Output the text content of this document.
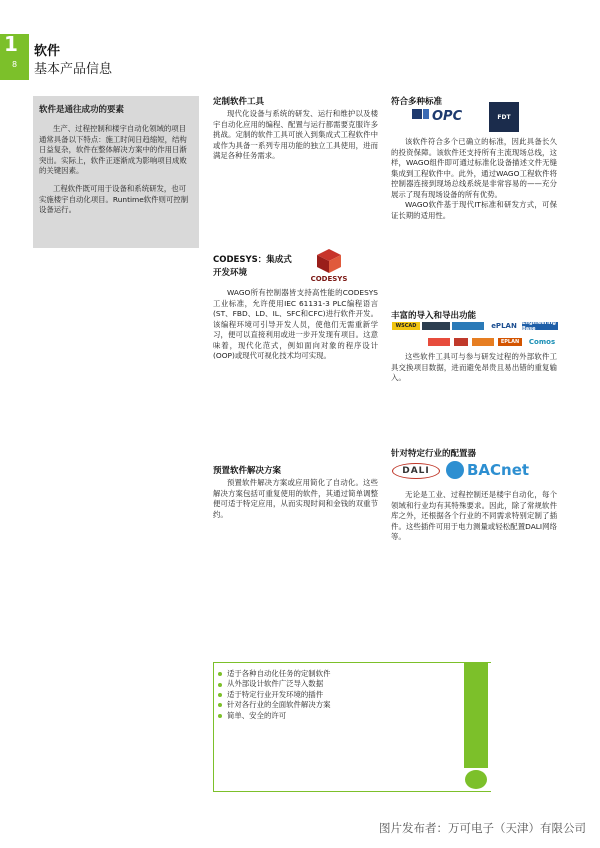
1
8
软件
基本产品信息
软件是通往成功的要素

生产、过程控制和楼宇自动化领域的项目通常具备以下特点：施工时间日趋缩短，结构日益复杂，软件在整体解决方案中的作用日渐突出。实际上，软件正逐渐成为影响项目成败的关键因素。

工程软件既可用于设备和系统研发，也可实施楼宇自动化项目。Runtime软件则可控制设备运行。

定制软件工具

现代化设备与系统的研发、运行和维护以及楼宇自动化应用的编程、配置与运行都需要克服许多挑战。定制的软件工具可嵌入到集成式工程软件中或作为具备一系列专用功能的独立工具使用，进而满足各种任务需求。

CODESYS：集成式
开发环境
CODESYS

WAGO所有控制器皆支持高性能的CODESYS工业标准，允许使用IEC 61131-3 PLC编程语言(ST、FBD、LD、IL、SFC和CFC)进行软件开发。该编程环境可引导开发人员，使他们无需重新学习，便可以直接利用或进一步开发现有项目。这意味着，现代化范式，例如面向对象的程序设计(OOP)或现代可视化技术均可实现。

预置软件解决方案

预置软件解决方案或应用简化了自动化。这些解决方案包括可重复使用的软件，其通过简单调整便可适于特定应用，从而实现时间和金钱的双重节约。

符合多种标准
OPC	FDT

该软件符合多个已确立的标准，因此具备长久的投资保障。该软件还支持所有主流现场总线，这样，WAGO组件即可通过标准化设备描述文件无缝集成到工程软件中。此外，通过WAGO工程软件将控制器连接到现场总线系统是非常容易的——充分展示了现有现场设备的所有优势。

WAGO软件基于现代IT标准和研发方式，可保证长期的适用性。

丰富的导入和导出功能
WSCAD	ePLAN	Engineering Base
EPLAN	Comos

这些软件工具可与参与研发过程的外部软件工具交换项目数据，进而避免昂贵且易出错的重复输入。

针对特定行业的配置器
DALI	BACnet

无论是工业、过程控制还是楼宇自动化，每个领域和行业均有其特殊要求。因此，除了常规软件库之外，还根据各个行业的不同需求特别定制了插件。这些插件可用于电力测量或轻松配置DALI网络等。

适于各种自动化任务的定制软件
从外部设计软件广泛导入数据
适于特定行业开发环境的插件
针对各行业的全面软件解决方案
简单、安全的许可
图片发布者：万可电子（天津）有限公司
